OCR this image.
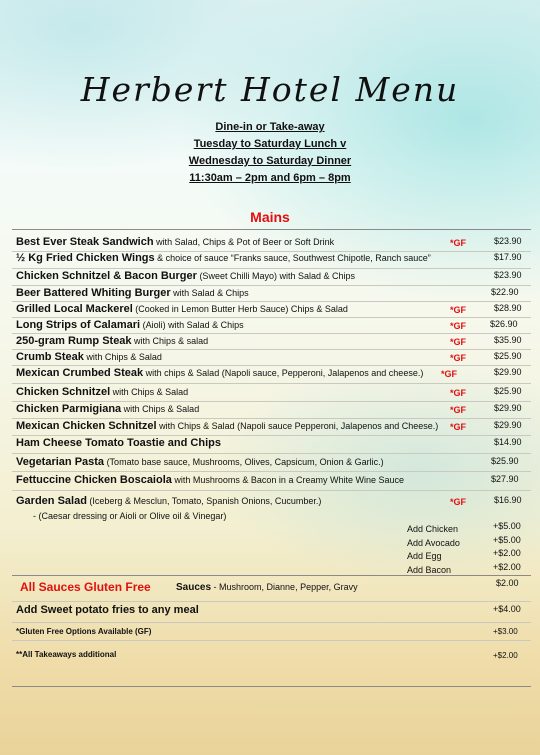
Herbert Hotel Menu
Dine-in or Take-away
Tuesday to Saturday Lunch v
Wednesday to Saturday Dinner
11:30am – 2pm and 6pm – 8pm
Mains
Best Ever Steak Sandwich with Salad, Chips & Pot of Beer or Soft Drink	*GF	$23.90
½ Kg Fried Chicken Wings & choice of sauce “Franks sauce, Southwest Chipotle, Ranch sauce”	$17.90
Chicken Schnitzel & Bacon Burger (Sweet Chilli Mayo) with Salad & Chips	$23.90
Beer Battered Whiting Burger with Salad & Chips	$22.90
Grilled Local Mackerel (Cooked in Lemon Butter Herb Sauce) Chips & Salad	*GF	$28.90
Long Strips of Calamari (Aioli) with Salad & Chips	*GF	$26.90
250-gram Rump Steak with Chips & salad	*GF	$35.90
Crumb Steak with Chips & Salad	*GF	$25.90
Mexican Crumbed Steak with chips & Salad (Napoli sauce, Pepperoni, Jalapenos and cheese.) *GF	$29.90
Chicken Schnitzel with Chips & Salad	*GF	$25.90
Chicken Parmigiana with Chips & Salad	*GF	$29.90
Mexican Chicken Schnitzel with Chips & Salad (Napoli sauce Pepperoni, Jalapenos and Cheese.) *GF	$29.90
Ham Cheese Tomato Toastie and Chips	$14.90
Vegetarian Pasta (Tomato base sauce, Mushrooms, Olives, Capsicum, Onion & Garlic.)	$25.90
Fettuccine Chicken Boscaiola with Mushrooms & Bacon in a Creamy White Wine Sauce	$27.90
Garden Salad (Iceberg & Mesclun, Tomato, Spanish Onions, Cucumber.)	*GF	$16.90
- (Caesar dressing or Aioli or Olive oil & Vinegar)
Add Chicken	+$5.00
Add Avocado	+$5.00
Add Egg	+$2.00
Add Bacon	+$2.00
All Sauces Gluten Free	Sauces - Mushroom, Dianne, Pepper, Gravy	$2.00
Add Sweet potato fries to any meal	+$4.00
*Gluten Free Options Available (GF)	+$3.00
**All Takeaways additional	+$2.00
